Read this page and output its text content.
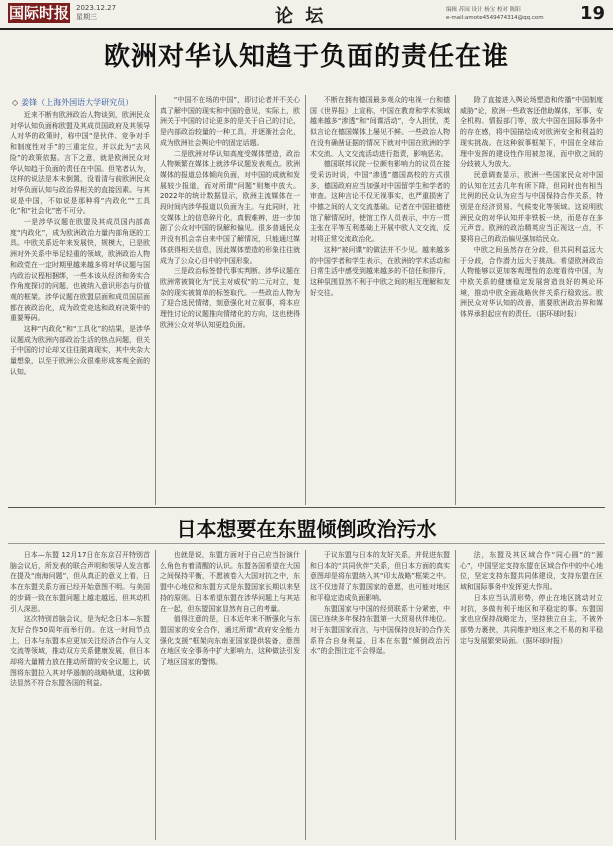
国际时报 2023.12.27
星期三	论 坛	编辑 苏园 设计 杨宝 校对 陈阳
e-mail:amote4549474314@qq.com	19
欧洲对华认知趋于负面的责任在谁
◇ 姜锋（上海外国语大学研究员）

近来不断有欧洲政治人物谈到，欧洲民众对华认知负面称欧盟及其成员国政府及其领导人对华的政策时，称中国“是伙伴、竞争对手和制度性对手”的三重定位，并以此为“去风险”的政策依据。言下之意，就是欧洲民众对华认知趋于负面的责任在中国。但笔者认为，这样的说法是本末倒置，没看清与前欧洲民众对华负面认知与政治界相关的直接因素。与其说是中国，不如说是那种将“内政化”“工具化”和“社会化”密不可分。

一是涉华议题在欧盟及其成员国内部高度“内政化”，成为欧洲政治力量内部角逐的工具。中欧关系近年来发展快，规模大，已是欧洲对外关系中举足轻重的领域，欧洲政治人物和政党在一定时期里越来越多将对华议题与国内政治议程相捆绑，一些本该从经济和务实合作角度探讨的问题，也被纳入意识形态与价值观的框架。涉华议题在欧盟层面和成员国层面都在被政治化，成为政党竞选和政府决策中的重要筹码。

这种“内政化”和“工具化”的结果，是涉华议题成为欧洲内部政治生活的热点问题，但关于中国的讨论却又往往脱离现实，其中夹杂大量想象，以至于欧洲公众很难形成客观全面的认知。

“中国不在场的中国”，即讨论者并不关心真了解中国的现实和中国的意见，实际上，欧洲关于中国的讨论更多的是关于自己的讨论，是内部政治较量的一种工具，并逐渐社会化，成为欧洲社会舆论中的固定话题。

二是欧洲对华认知高度受媒体塑造，政治人物频繁在媒体上就涉华议题发表观点。欧洲媒体的报道总体倾向负面，对中国的成就和发展较少报道，而对所谓“问题”则集中放大。2022年的统计数据显示，欧洲主流媒体在一段时间内涉华报道以负面为主。与此同时，社交媒体上的信息碎片化，真假难辨，进一步加剧了公众对中国的误解和偏见。很多普通民众并没有机会亲自来中国了解情况，只能通过媒体获得相关信息，因此媒体塑造的形象往往就成为了公众心目中的中国形象。

三是政治标签替代事实判断。涉华议题在欧洲常被简化为“民主对威权”的二元对立，复杂的现实被简单的标签取代。一些政治人物为了迎合选民情绪，刻意强化对立叙事，将本应理性讨论的议题推向情绪化的方向，这也使得欧洲公众对华认知更趋负面。

不断在拥有德国最多观众的电视一台和德国《世界报》上宣称，中国在教育和学术领域越来越多“渗透”和“间谍活动”，令人担忧，类似言论在德国媒体上屡见不鲜。一些政治人物在没有确凿证据的情况下就对中国在欧洲的学术交流、人文交流活动进行指责，影响恶劣。

德国联邦议院一位颇有影响力的议员在接受采访时说，中国“渗透”德国高校的方式很多，德国政府应当加强对中国留学生和学者的审查。这种言论不仅无视事实，也严重损害了中德之间的人文交流基础。记者在中国驻德使馆了解情况时，使馆工作人员表示，中方一贯主张在平等互利基础上开展中欧人文交流，反对将正常交流政治化。

这种“被问谍”的做法并不少见。越来越多的中国学者和学生表示，在欧洲的学术活动和日常生活中感受到越来越多的不信任和排斥，这种氛围显然不利于中欧之间的相互理解和友好交往。

除了直接进入舆论场塑造和传播“中国制度威胁”论，欧洲一些政客还借助媒体，军事、安全机构、情报部门等，放大中国在国际事务中的存在感，将中国描绘成对欧洲安全和利益的现实挑战。在这种叙事框架下，中国在全球治理中发挥的建设性作用被忽视，而中欧之间的分歧被人为放大。

民意调查显示，欧洲一些国家民众对中国的认知在过去几年有所下降，但同时也有相当比例的民众认为应当与中国保持合作关系，特别是在经济贸易、气候变化等领域。这说明欧洲民众的对华认知并非铁板一块，而是存在多元声音。欧洲的政治精英应当正视这一点，不要将自己的政治偏见强加给民众。

中欧之间虽然存在分歧，但共同利益远大于分歧，合作潜力远大于挑战。希望欧洲政治人物能够以更加客观理性的态度看待中国，为中欧关系的健康稳定发展营造良好的舆论环境，推动中欧全面战略伙伴关系行稳致远。欧洲民众对华认知的改善，需要欧洲政治界和媒体界承担起应有的责任。（据环球时报）

日本想要在东盟倾倒政治污水

日本—东盟 12月17日在东京召开特别首脑会议后，所发表的联合声明和领导人发言都在提及“南海问题”，但从真正的意义上看，日本在东盟关系方面已经开始意图不明。与美国的步调一致在东盟问题上越走越远，但其动机引人深思。

这次特别首脑会议，是为纪念日本—东盟友好合作50周年而举行的。在这一时间节点上，日本与东盟本应更加关注经济合作与人文交流等领域，推动双方关系健康发展，但日本却将大量精力放在推动所谓的安全议题上，试图将东盟拉入其对华遏制的战略轨道，这种做法显然不符合东盟各国的利益。

也就是说，东盟方面对于自己应当扮演什么角色有着清醒的认识。东盟各国希望在大国之间保持平衡，不愿被卷入大国对抗之中，东盟中心地位和东盟方式是东盟国家长期以来坚持的原则。日本希望东盟在涉华问题上与其站在一起，但东盟国家显然有自己的考量。

值得注意的是，日本近年来不断强化与东盟国家的安全合作，通过所谓“政府安全能力强化支援”框架向东南亚国家提供装备，意图在地区安全事务中扩大影响力，这种做法引发了地区国家的警惕。

于议东盟与日本的友好关系，并促进东盟和日本的“共同伙伴”关系，但日本方面的真实意图却是将东盟纳入其“印太战略”框架之中。这不仅违背了东盟国家的意愿，也可能对地区和平稳定造成负面影响。

东盟国家与中国的经贸联系十分紧密，中国已连续多年保持东盟第一大贸易伙伴地位。对于东盟国家而言，与中国保持良好的合作关系符合自身利益，日本在东盟“倾倒政治污水”的企图注定不会得逞。

法，东盟及其区域合作“同心圆”的“圆心”，中国坚定支持东盟在区域合作中的中心地位，坚定支持东盟共同体建设，支持东盟在区域和国际事务中发挥更大作用。

日本应当认清形势，停止在地区挑动对立对抗，多做有利于地区和平稳定的事。东盟国家也应保持战略定力，坚持独立自主，不被外部势力裹挟，共同维护地区来之不易的和平稳定与发展繁荣局面。（据环球时报）
